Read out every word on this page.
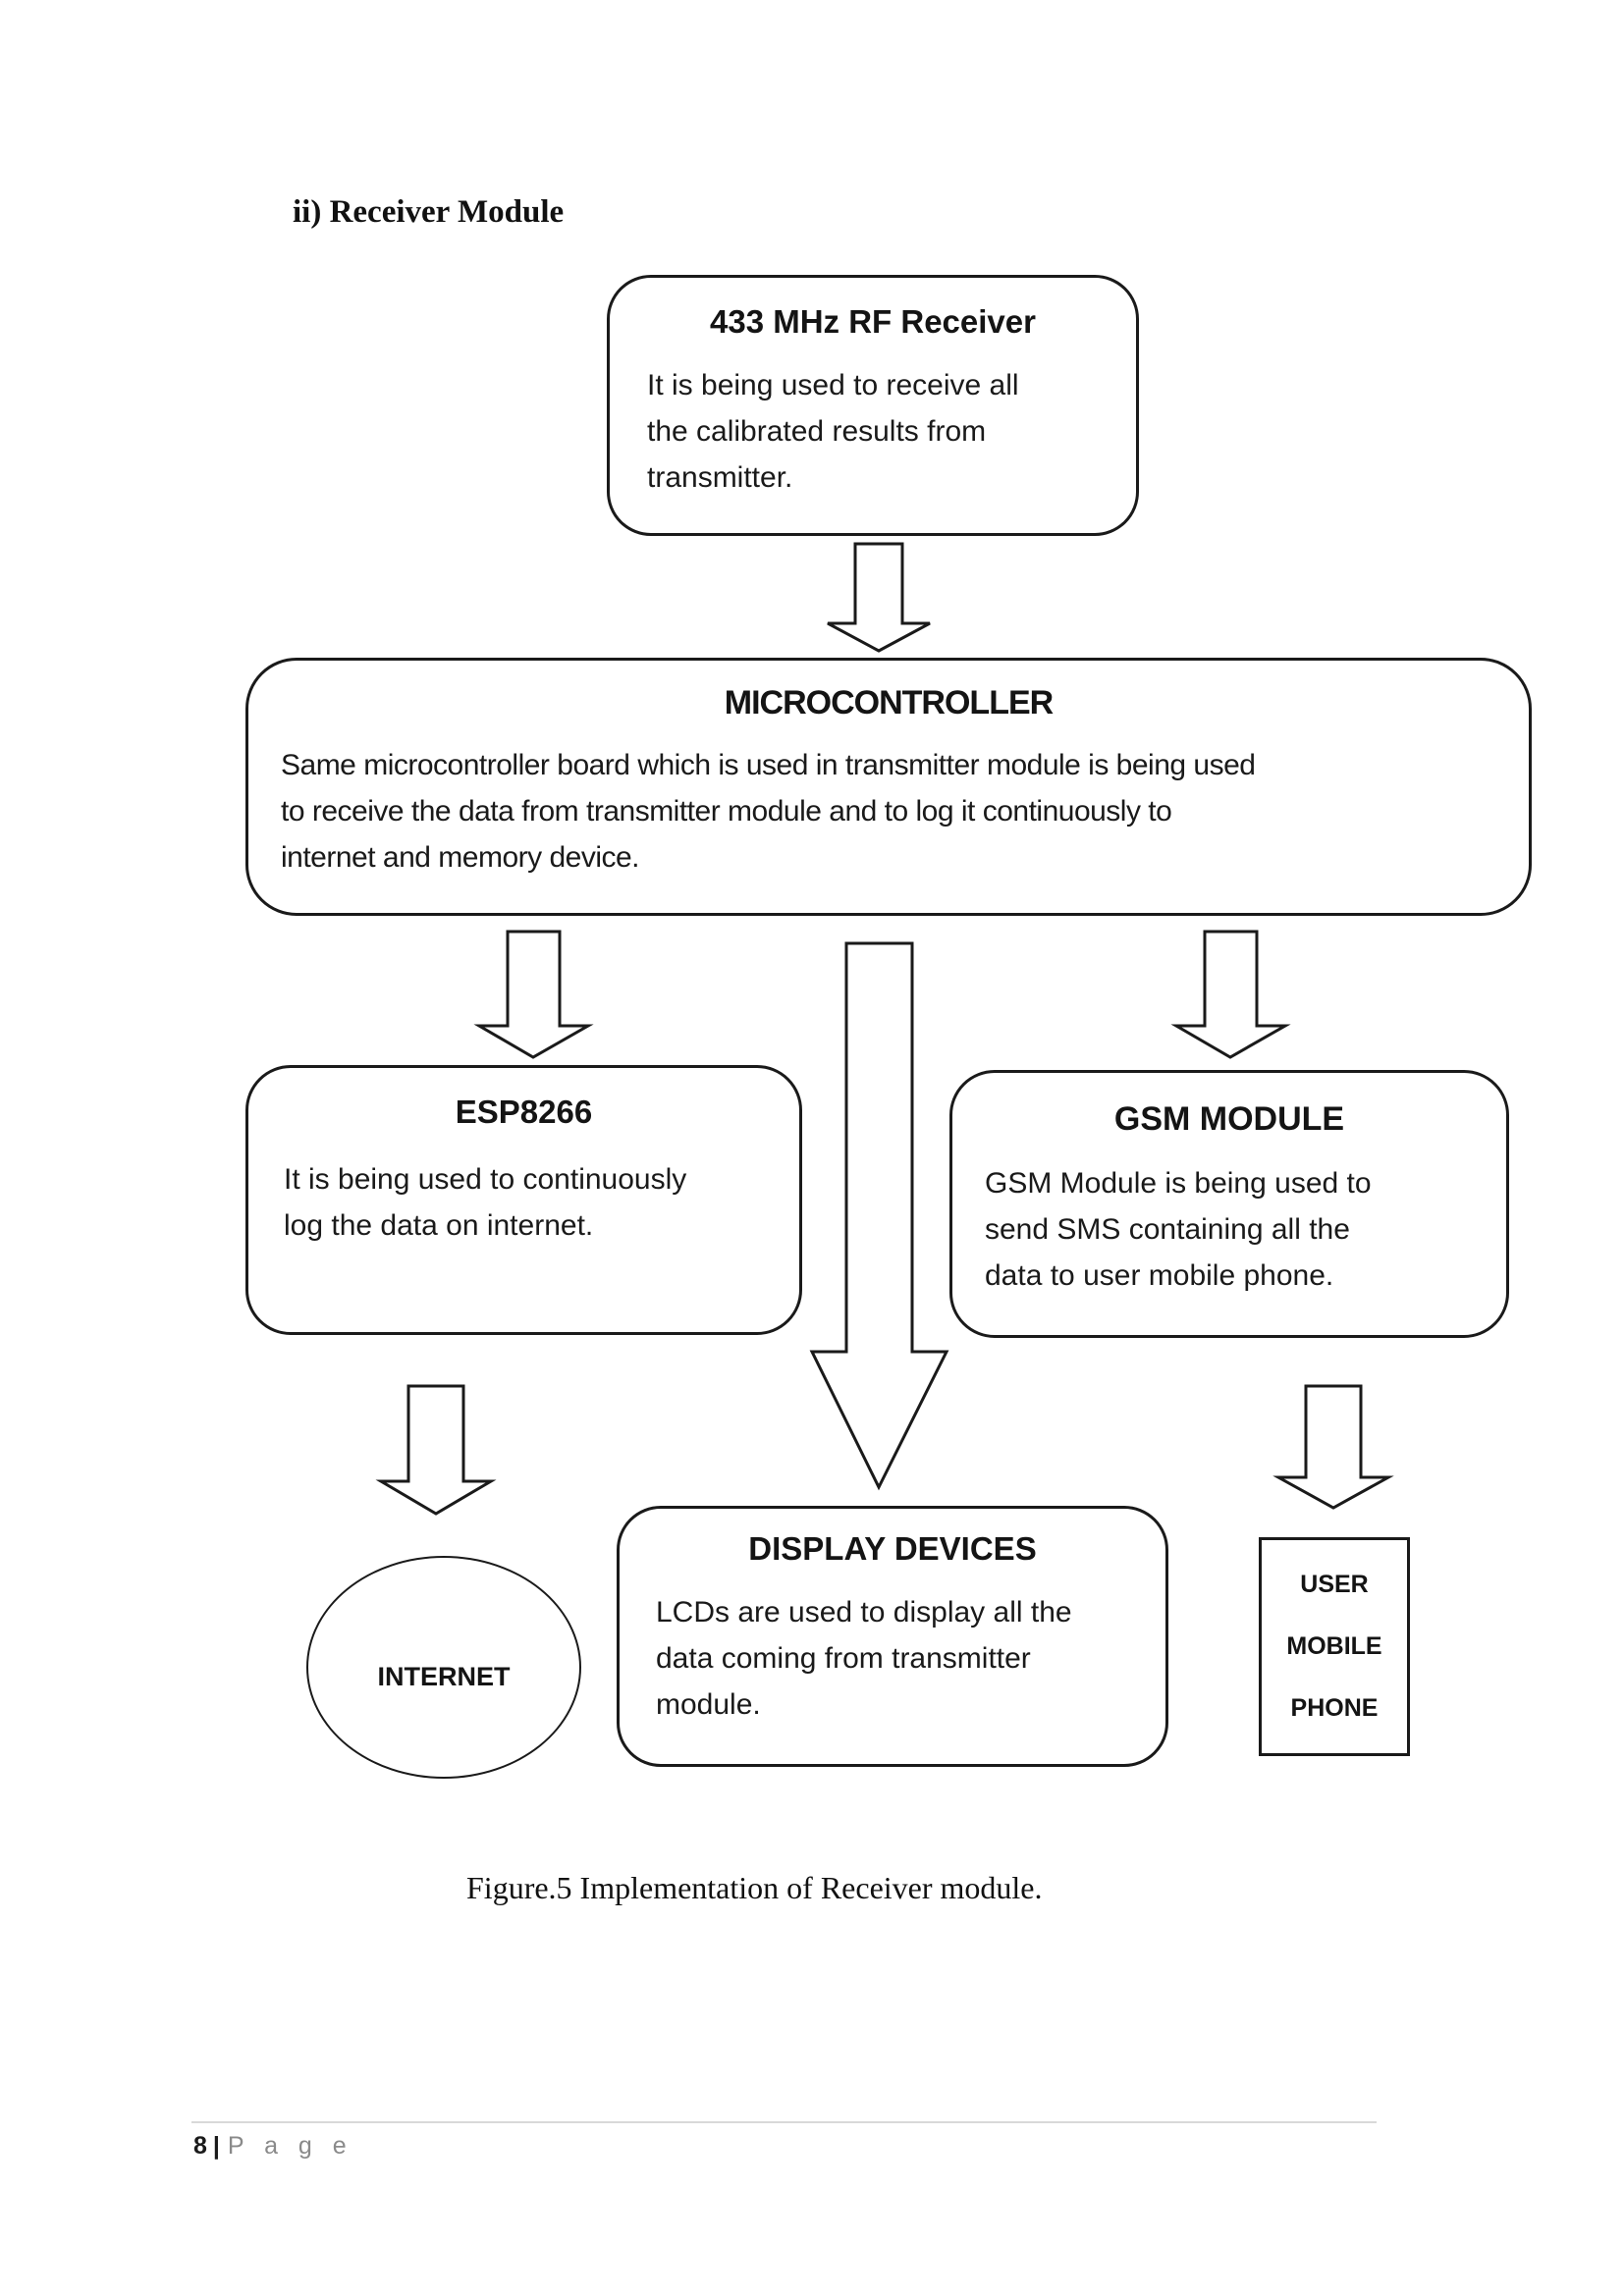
ii) Receiver Module
433 MHz RF Receiver
It is being used to receive all
the calibrated results from
transmitter.
MICROCONTROLLER
Same microcontroller board which is used in transmitter module is being used
to receive the data from transmitter module and to log it continuously to
internet and memory device.
ESP8266
It is being used to continuously
log the data on internet.
GSM MODULE
GSM Module is being used to
send SMS containing all the
data to user mobile phone.
DISPLAY DEVICES
LCDs are used to display all the
data coming from transmitter
module.
INTERNET
USER
MOBILE
PHONE
Figure.5 Implementation of Receiver module.
8 | P a g e
